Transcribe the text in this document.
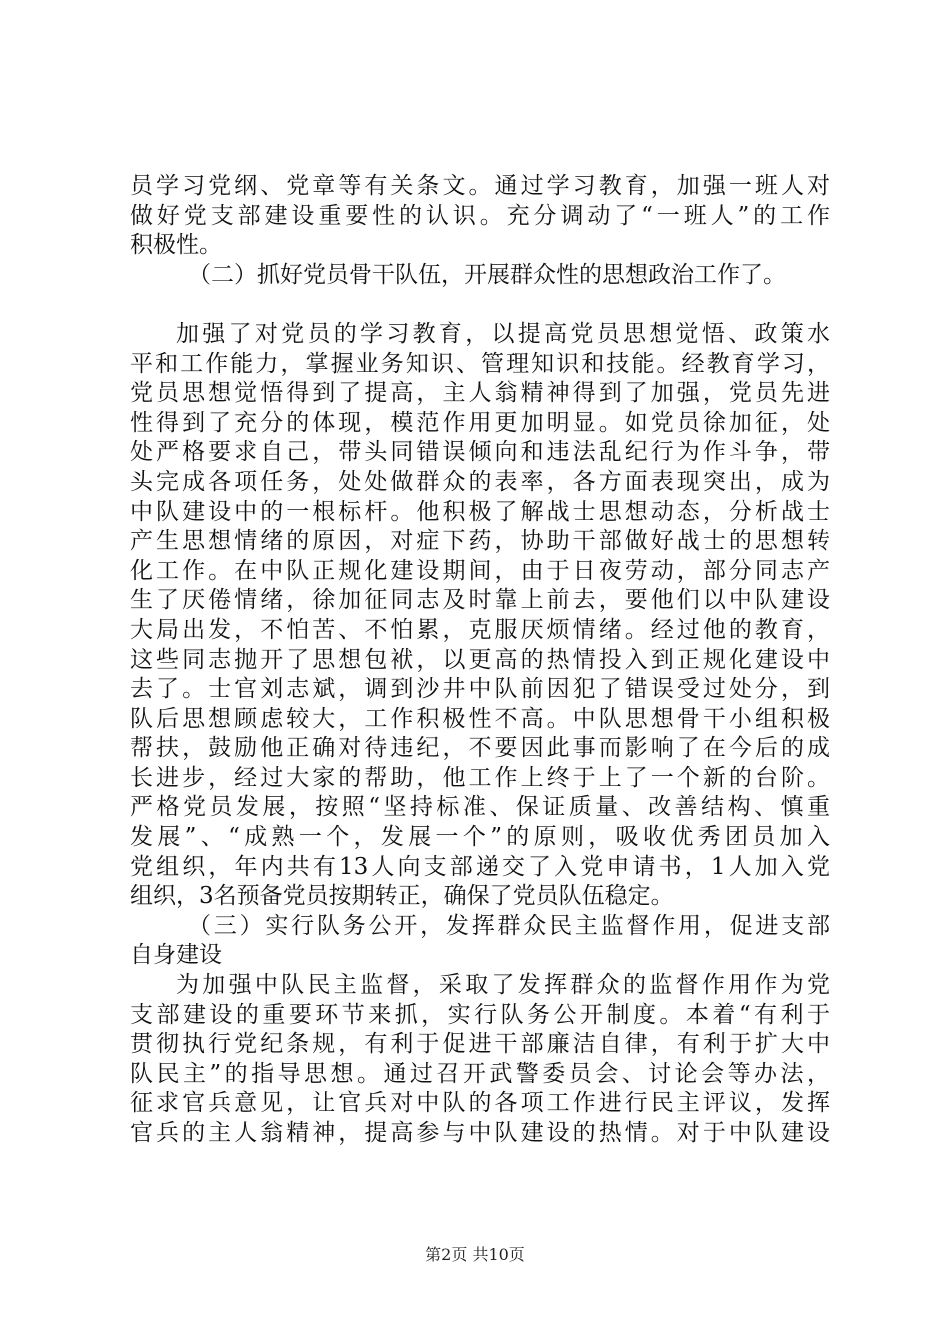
员学习党纲、党章等有关条文。通过学习教育，加强一班人对
做好党支部建设重要性的认识。充分调动了“一班人”的工作
积极性。
（二）抓好党员骨干队伍，开展群众性的思想政治工作了。
加强了对党员的学习教育，以提高党员思想觉悟、政策水
平和工作能力，掌握业务知识、管理知识和技能。经教育学习，
党员思想觉悟得到了提高，主人翁精神得到了加强，党员先进
性得到了充分的体现，模范作用更加明显。如党员徐加征，处
处严格要求自己，带头同错误倾向和违法乱纪行为作斗争，带
头完成各项任务，处处做群众的表率，各方面表现突出，成为
中队建设中的一根标杆。他积极了解战士思想动态，分析战士
产生思想情绪的原因，对症下药，协助干部做好战士的思想转
化工作。在中队正规化建设期间，由于日夜劳动，部分同志产
生了厌倦情绪，徐加征同志及时靠上前去，要他们以中队建设
大局出发，不怕苦、不怕累，克服厌烦情绪。经过他的教育，
这些同志抛开了思想包袱，以更高的热情投入到正规化建设中
去了。士官刘志斌，调到沙井中队前因犯了错误受过处分，到
队后思想顾虑较大，工作积极性不高。中队思想骨干小组积极
帮扶，鼓励他正确对待违纪，不要因此事而影响了在今后的成
长进步，经过大家的帮助，他工作上终于上了一个新的台阶。
严格党员发展，按照“坚持标准、保证质量、改善结构、慎重
发展”、“成熟一个，发展一个”的原则，吸收优秀团员加入
党组织，年内共有13人向支部递交了入党申请书，1人加入党
组织，3名预备党员按期转正，确保了党员队伍稳定。
（三）实行队务公开，发挥群众民主监督作用，促进支部
自身建设
为加强中队民主监督，采取了发挥群众的监督作用作为党
支部建设的重要环节来抓，实行队务公开制度。本着“有利于
贯彻执行党纪条规，有利于促进干部廉洁自律，有利于扩大中
队民主”的指导思想。通过召开武警委员会、讨论会等办法，
征求官兵意见，让官兵对中队的各项工作进行民主评议，发挥
官兵的主人翁精神，提高参与中队建设的热情。对于中队建设
第2页 共10页
